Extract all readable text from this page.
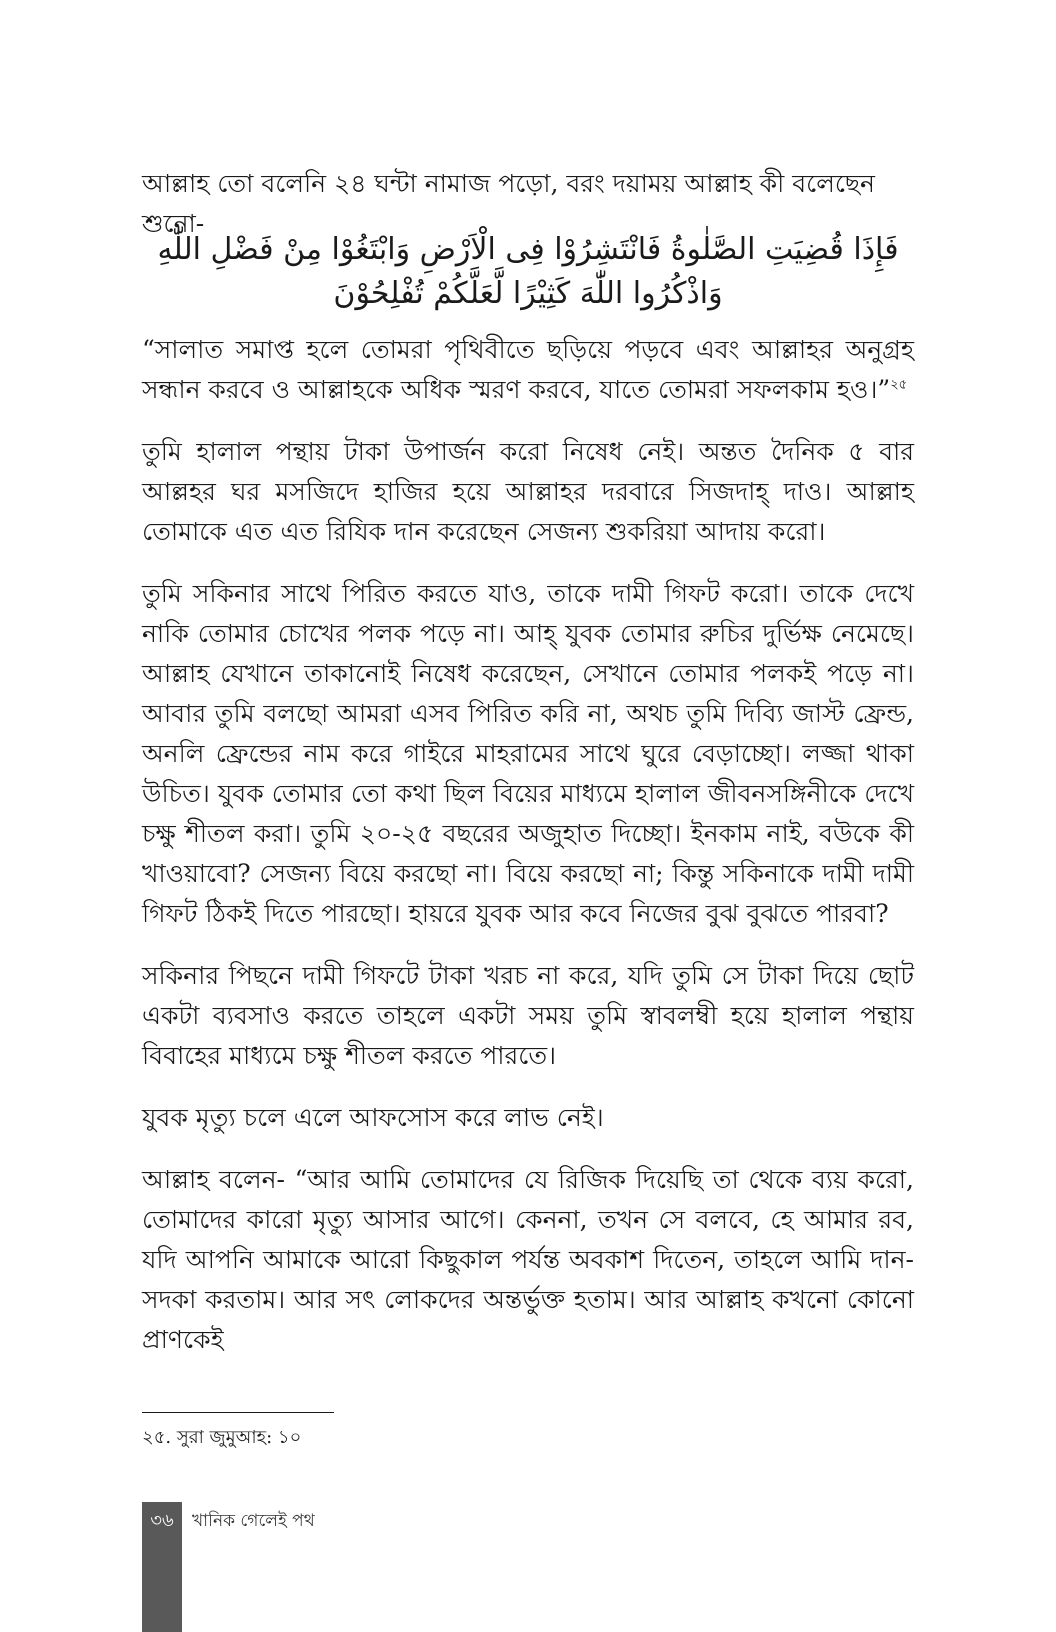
আল্লাহ তো বলেনি ২৪ ঘন্টা নামাজ পড়ো, বরং দয়াময় আল্লাহ কী বলেছেন শুনো-
فَإِذَا قُضِيَتِ الصَّلٰوةُ فَانْتَشِرُوْا فِى الْاَرْضِ وَابْتَغُوْا مِنْ فَضْلِ اللّٰهِ
وَاذْكُرُوا اللّٰهَ كَثِيْرًا لَّعَلَّكُمْ تُفْلِحُوْنَ

“সালাত সমাপ্ত হলে তোমরা পৃথিবীতে ছড়িয়ে পড়বে এবং আল্লাহর অনুগ্রহ সন্ধান করবে ও আল্লাহকে অধিক স্মরণ করবে, যাতে তোমরা সফলকাম হও।”$^{২৫}$

তুমি হালাল পন্থায় টাকা উপার্জন করো নিষেধ নেই। অন্তত দৈনিক ৫ বার আল্লহর ঘর মসজিদে হাজির হয়ে আল্লাহর দরবারে সিজদাহ্ দাও। আল্লাহ তোমাকে এত এত রিযিক দান করেছেন সেজন্য শুকরিয়া আদায় করো।

তুমি সকিনার সাথে পিরিত করতে যাও, তাকে দামী গিফট করো। তাকে দেখে নাকি তোমার চোখের পলক পড়ে না। আহ্ যুবক তোমার রুচির দুর্ভিক্ষ নেমেছে। আল্লাহ যেখানে তাকানোই নিষেধ করেছেন, সেখানে তোমার পলকই পড়ে না। আবার তুমি বলছো আমরা এসব পিরিত করি না, অথচ তুমি দিব্যি জাস্ট ফ্রেন্ড, অনলি ফ্রেন্ডের নাম করে গাইরে মাহরামের সাথে ঘুরে বেড়াচ্ছো। লজ্জা থাকা উচিত। যুবক তোমার তো কথা ছিল বিয়ের মাধ্যমে হালাল জীবনসঙ্গিনীকে দেখে চক্ষু শীতল করা। তুমি ২০-২৫ বছরের অজুহাত দিচ্ছো। ইনকাম নাই, বউকে কী খাওয়াবো? সেজন্য বিয়ে করছো না। বিয়ে করছো না; কিন্তু সকিনাকে দামী দামী গিফট ঠিকই দিতে পারছো। হায়রে যুবক আর কবে নিজের বুঝ বুঝতে পারবা?

সকিনার পিছনে দামী গিফটে টাকা খরচ না করে, যদি তুমি সে টাকা দিয়ে ছোট একটা ব্যবসাও করতে তাহলে একটা সময় তুমি স্বাবলম্বী হয়ে হালাল পন্থায় বিবাহের মাধ্যমে চক্ষু শীতল করতে পারতে।

যুবক মৃত্যু চলে এলে আফসোস করে লাভ নেই।

আল্লাহ বলেন- “আর আমি তোমাদের যে রিজিক দিয়েছি তা থেকে ব্যয় করো, তোমাদের কারো মৃত্যু আসার আগে। কেননা, তখন সে বলবে, হে আমার রব, যদি আপনি আমাকে আরো কিছুকাল পর্যন্ত অবকাশ দিতেন, তাহলে আমি দান-সদকা করতাম। আর সৎ লোকদের অন্তর্ভুক্ত হতাম। আর আল্লাহ কখনো কোনো প্রাণকেই

২৫. সুরা জুমুআহ: ১০
৩৬	খানিক গেলেই পথ
